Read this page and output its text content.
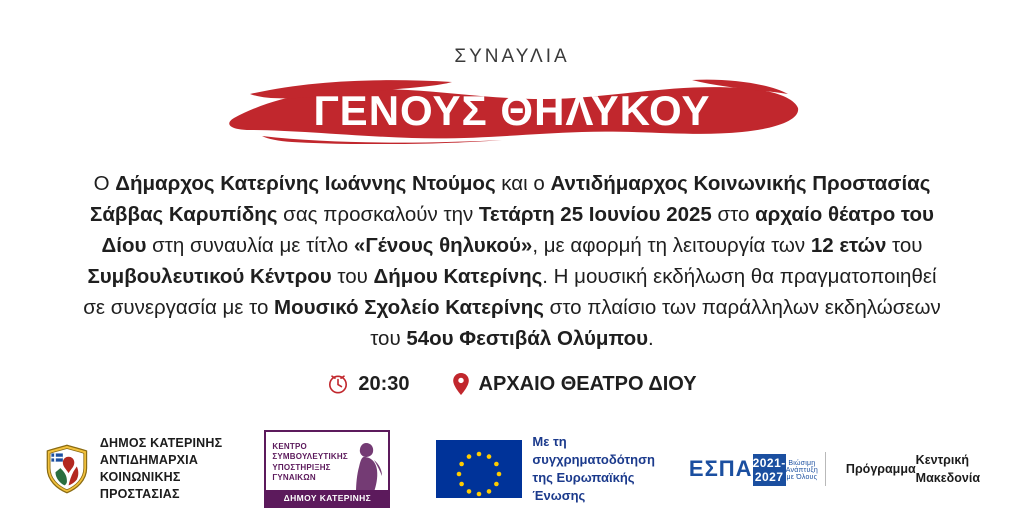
ΣΥΝΑΥΛΙΑ
ΓΕΝΟΥΣ ΘΗΛΥΚΟΥ
Ο Δήμαρχος Κατερίνης Ιωάννης Ντούμος και ο Αντιδήμαρχος Κοινωνικής Προστασίας Σάββας Καρυπίδης σας προσκαλούν την Τετάρτη 25 Ιουνίου 2025 στο αρχαίο θέατρο του Δίου στη συναυλία με τίτλο «Γένους θηλυκού», με αφορμή τη λειτουργία των 12 ετών του Συμβουλευτικού Κέντρου του Δήμου Κατερίνης. Η μουσική εκδήλωση θα πραγματοποιηθεί σε συνεργασία με το Μουσικό Σχολείο Κατερίνης στο πλαίσιο των παράλληλων εκδηλώσεων του 54ου Φεστιβάλ Ολύμπου.
20:30	ΑΡΧΑΙΟ ΘΕΑΤΡΟ ΔΙΟΥ
ΔΗΜΟΣ ΚΑΤΕΡΙΝΗΣ
ΑΝΤΙΔΗΜΑΡΧΙΑ
ΚΟΙΝΩΝΙΚΗΣ ΠΡΟΣΤΑΣΙΑΣ
ΚΕΝΤΡΟ
ΣΥΜΒΟΥΛΕΥΤΙΚΗΣ
ΥΠΟΣΤΗΡΙΞΗΣ
ΓΥΝΑΙΚΩΝ
ΔΗΜΟΥ ΚΑΤΕΡΙΝΗΣ
Με τη συγχρηματοδότηση
της Ευρωπαϊκής Ένωσης
ΕΣΠΑ 2021-2027
Βιώσιμη Ανάπτυξη με Όλους
Πρόγραμμα
Κεντρική Μακεδονία
